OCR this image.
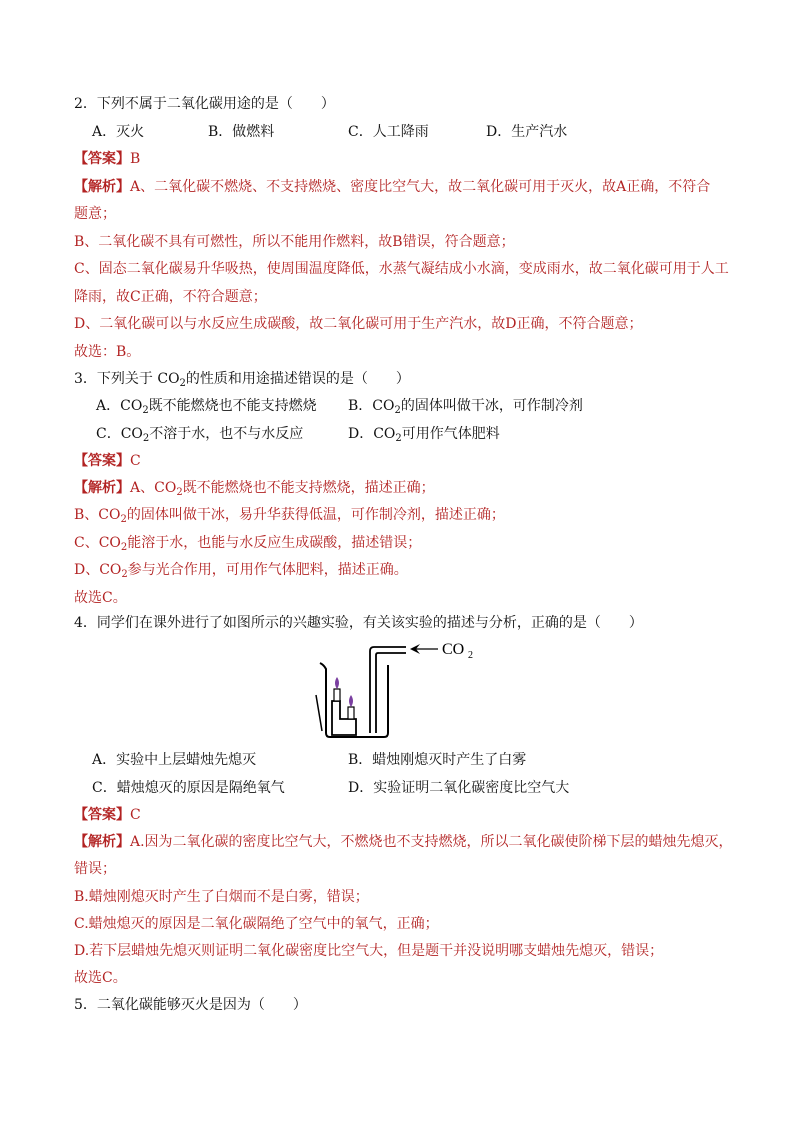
2．下列不属于二氧化碳用途的是（　　）
A．灭火	B．做燃料	C．人工降雨	D．生产汽水
【答案】B
【解析】A、二氧化碳不燃烧、不支持燃烧、密度比空气大，故二氧化碳可用于灭火，故A正确，不符合
题意；
B、二氧化碳不具有可燃性，所以不能用作燃料，故B错误，符合题意；
C、固态二氧化碳易升华吸热，使周围温度降低，水蒸气凝结成小水滴，变成雨水，故二氧化碳可用于人工
降雨，故C正确，不符合题意；
D、二氧化碳可以与水反应生成碳酸，故二氧化碳可用于生产汽水，故D正确，不符合题意；
故选：B。
3．下列关于 $CO_2$的性质和用途描述错误的是（　　）
A．$CO_2$既不能燃烧也不能支持燃烧 B．$CO_2$的固体叫做干冰，可作制冷剂
C．$CO_2$不溶于水，也不与水反应	D．$CO_2$可用作气体肥料
【答案】C
【解析】A、$CO_2$既不能燃烧也不能支持燃烧，描述正确；
B、$CO_2$的固体叫做干冰，易升华获得低温，可作制冷剂，描述正确；
C、$CO_2$能溶于水，也能与水反应生成碳酸，描述错误；
D、$CO_2$参与光合作用，可用作气体肥料，描述正确。
故选C。
4．同学们在课外进行了如图所示的兴趣实验，有关该实验的描述与分析，正确的是（　　）
CO 2
A．实验中上层蜡烛先熄灭	B．蜡烛刚熄灭时产生了白雾
C．蜡烛熄灭的原因是隔绝氧气	D．实验证明二氧化碳密度比空气大
【答案】C
【解析】A.因为二氧化碳的密度比空气大，不燃烧也不支持燃烧，所以二氧化碳使阶梯下层的蜡烛先熄灭，
错误；
B.蜡烛刚熄灭时产生了白烟而不是白雾，错误；
C.蜡烛熄灭的原因是二氧化碳隔绝了空气中的氧气，正确；
D.若下层蜡烛先熄灭则证明二氧化碳密度比空气大，但是题干并没说明哪支蜡烛先熄灭，错误；
故选C。
5．二氧化碳能够灭火是因为（　　）
